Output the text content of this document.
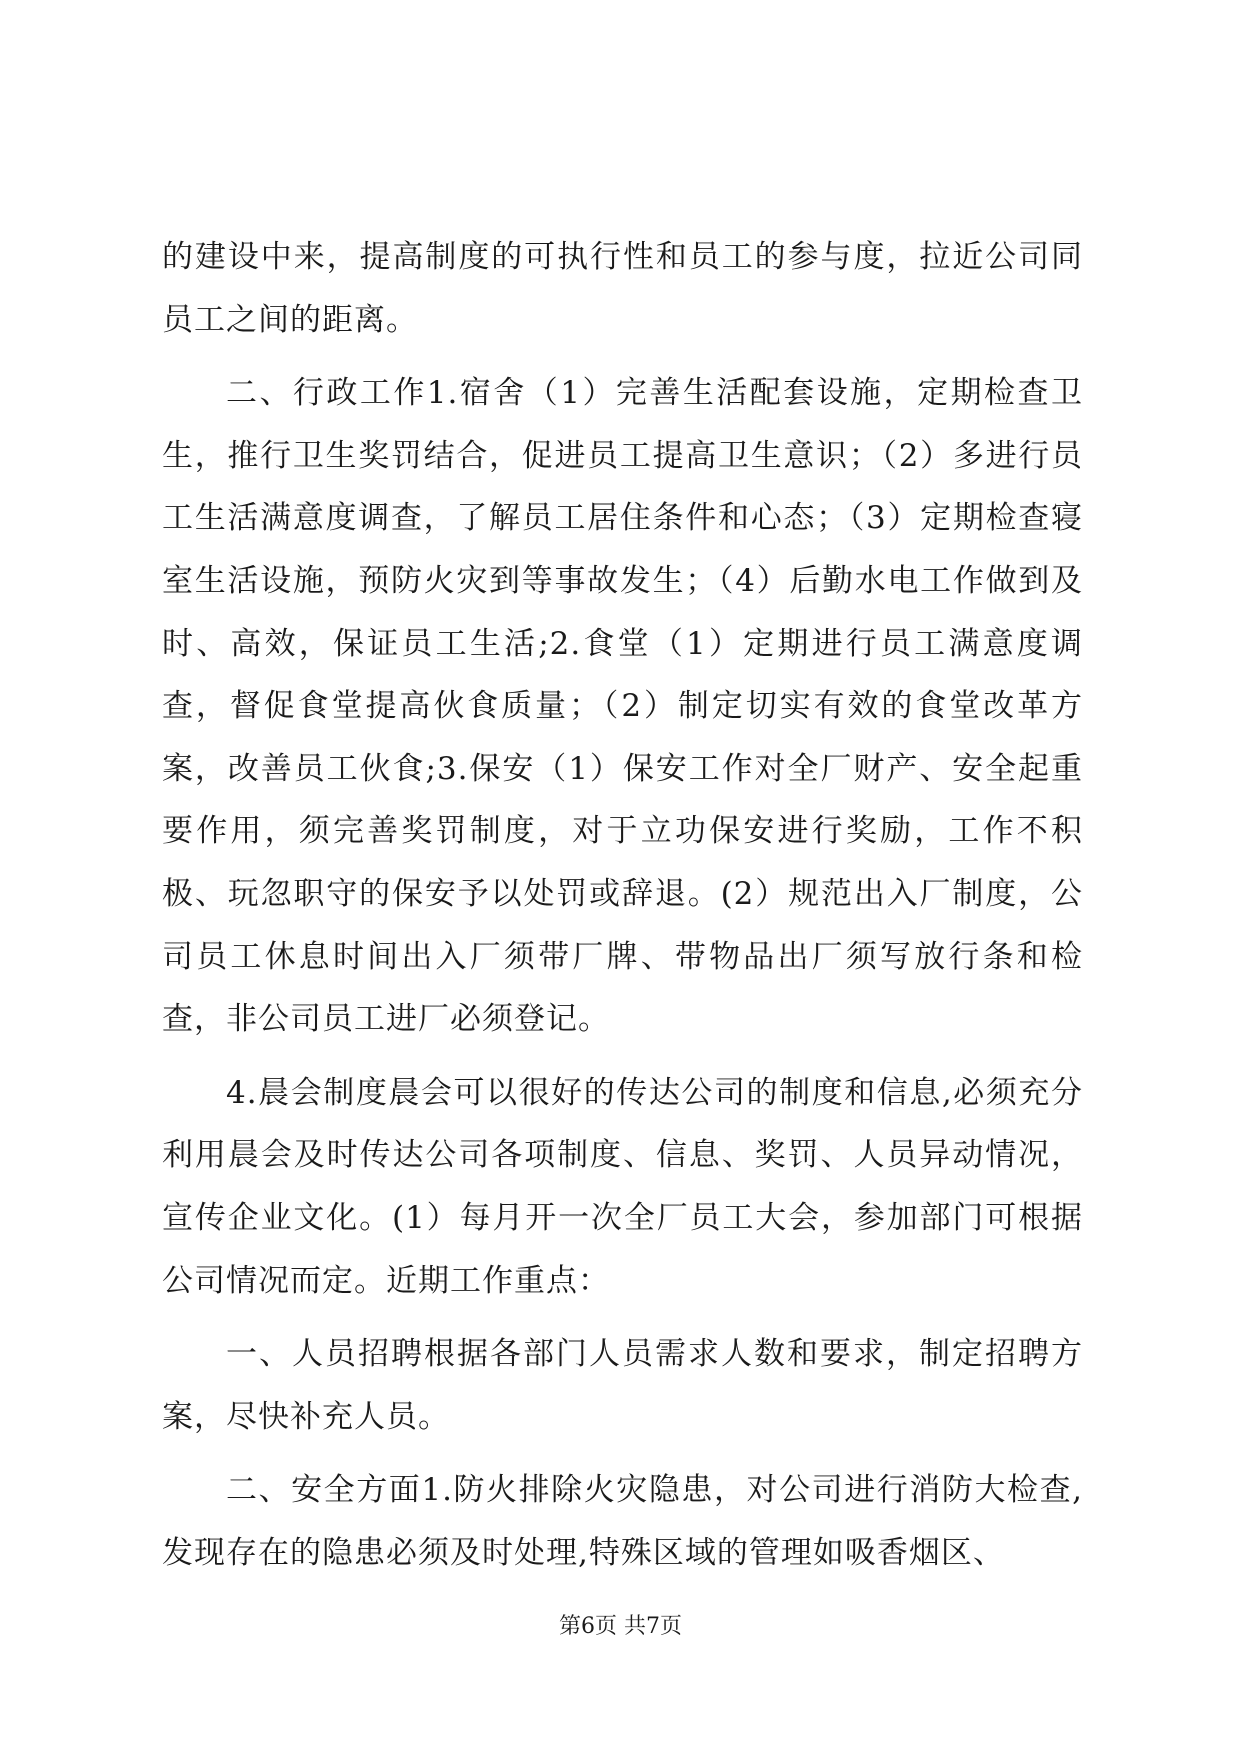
的建设中来，提高制度的可执行性和员工的参与度，拉近公司同员工之间的距离。

二、行政工作1.宿舍（1）完善生活配套设施，定期检查卫生，推行卫生奖罚结合，促进员工提高卫生意识；（2）多进行员工生活满意度调查，了解员工居住条件和心态；（3）定期检查寝室生活设施，预防火灾到等事故发生；（4）后勤水电工作做到及时、高效，保证员工生活;2.食堂（1）定期进行员工满意度调查，督促食堂提高伙食质量；（2）制定切实有效的食堂改革方案，改善员工伙食;3.保安（1）保安工作对全厂财产、安全起重要作用，须完善奖罚制度，对于立功保安进行奖励，工作不积极、玩忽职守的保安予以处罚或辞退。(2）规范出入厂制度，公司员工休息时间出入厂须带厂牌、带物品出厂须写放行条和检查，非公司员工进厂必须登记。

4.晨会制度晨会可以很好的传达公司的制度和信息,必须充分利用晨会及时传达公司各项制度、信息、奖罚、人员异动情况，宣传企业文化。(1）每月开一次全厂员工大会，参加部门可根据公司情况而定。近期工作重点：

一、人员招聘根据各部门人员需求人数和要求，制定招聘方案，尽快补充人员。

二、安全方面1.防火排除火灾隐患，对公司进行消防大检查,发现存在的隐患必须及时处理,特殊区域的管理如吸香烟区、

第6页 共7页
